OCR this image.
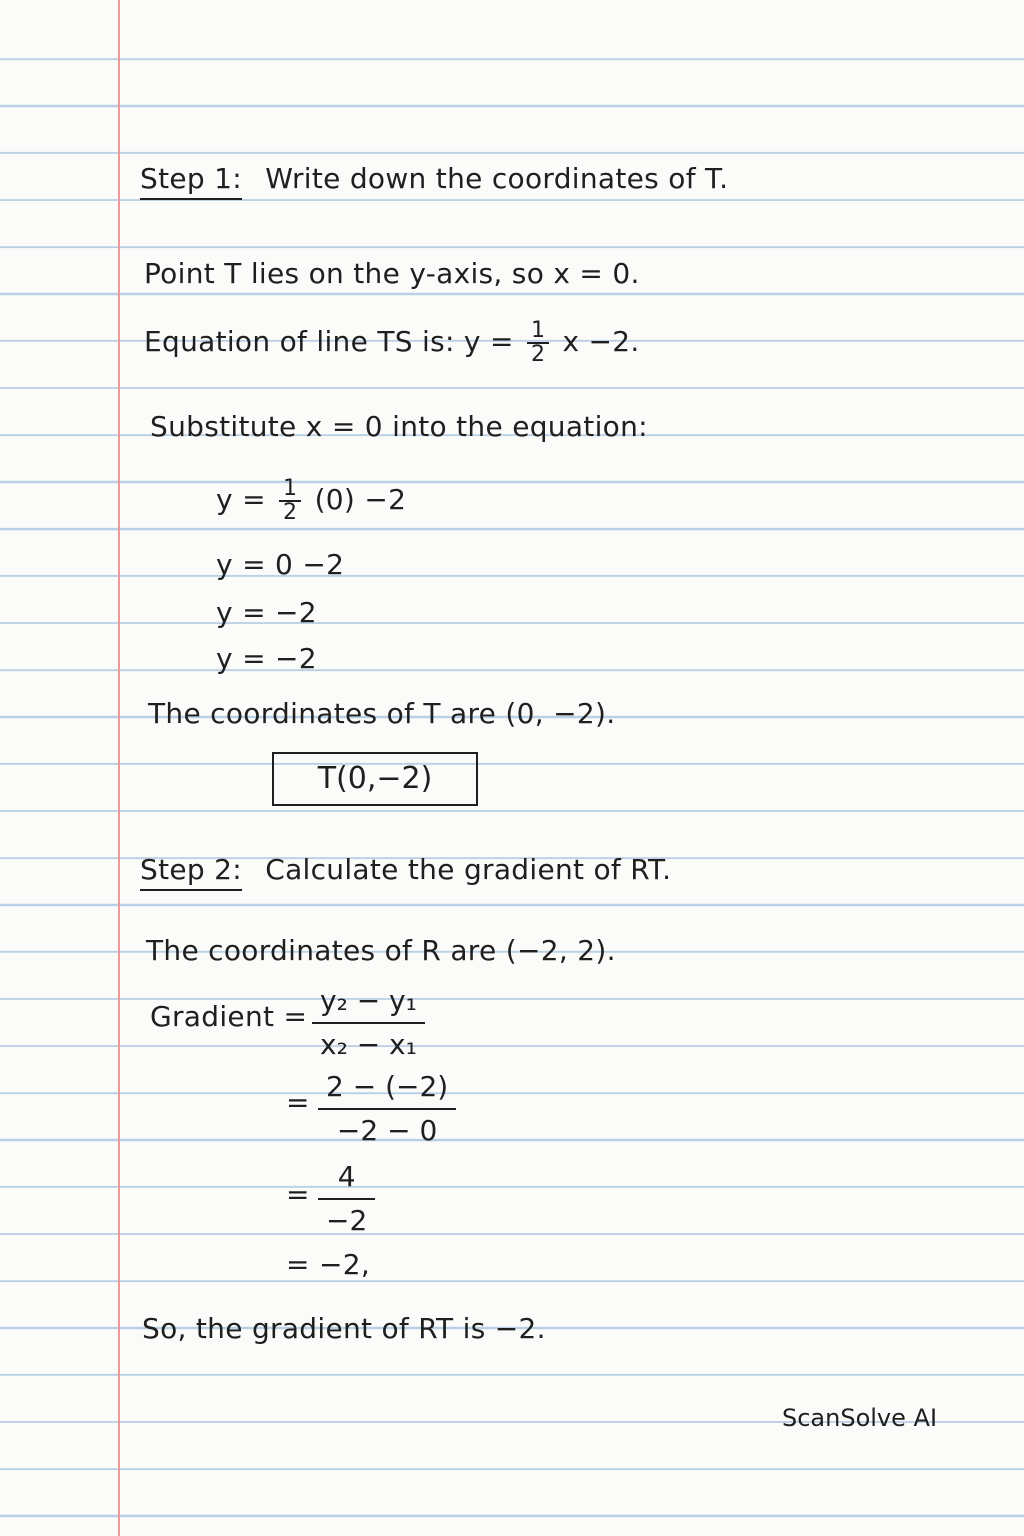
Step 1: Write down the coordinates of T.
Point T lies on the y-axis, so x = 0.
Equation of line TS is: $y = \frac{1}{2}$ x −2.
Substitute x = 0 into the equation:
$y = \frac{1}{2} (0) -2$
y = 0 −2
y = −2
y = −2
The coordinates of T are (0, −2).
T(0,−2)
Step 2: Calculate the gradient of RT.
The coordinates of R are (−2, 2).
Gradient = $\frac{\text{y₂ − y₁}}{\text{x₂ − x₁}}$
= $\frac{2 - (-2)}{-2 - 0}$
= $\frac{4}{-2}$
= −2,
So, the gradient of RT is −2.
ScanSolve AI
